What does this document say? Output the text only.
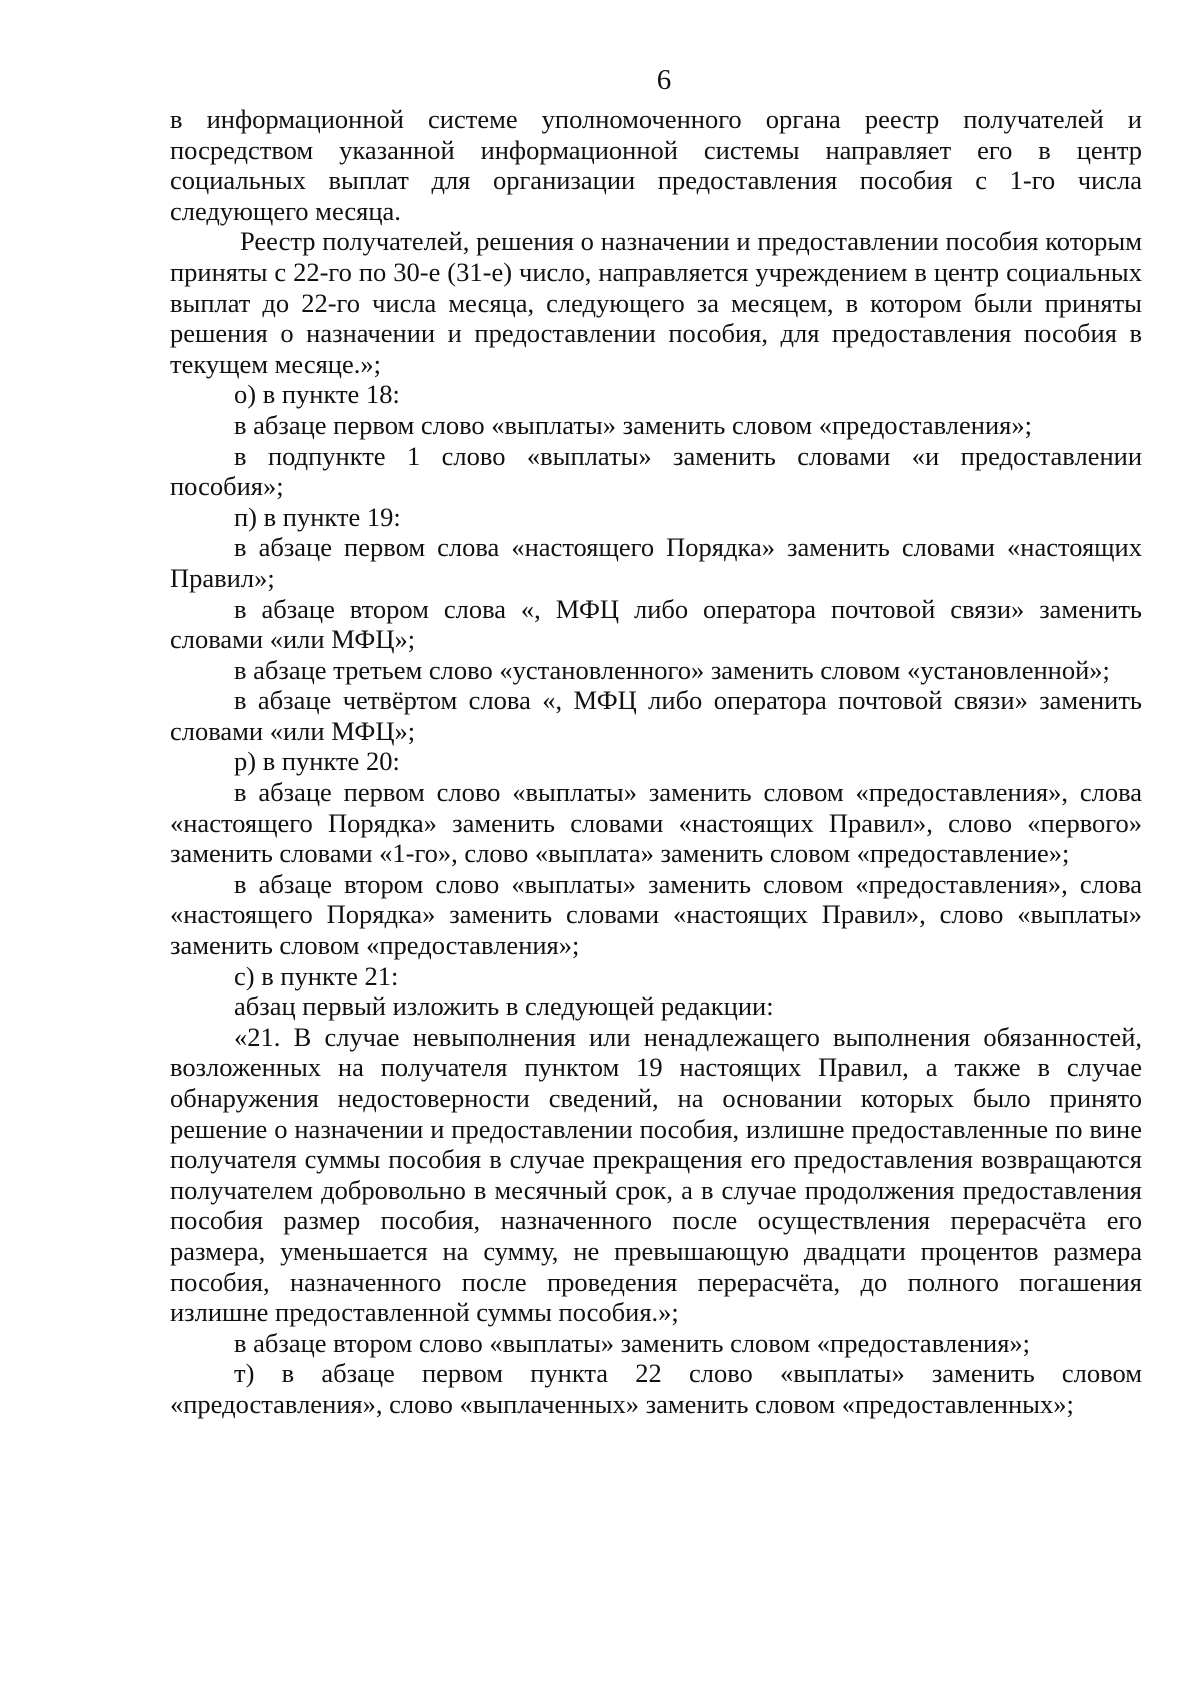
6

в информационной системе уполномоченного органа реестр получателей и посредством указанной информационной системы направляет его в центр социальных выплат для организации предоставления пособия с 1-го числа следующего месяца.

Реестр получателей, решения о назначении и предоставлении пособия которым приняты с 22-го по 30-е (31-е) число, направляется учреждением в центр социальных выплат до 22-го числа месяца, следующего за месяцем, в котором были приняты решения о назначении и предоставлении пособия, для предоставления пособия в текущем месяце.»;

о) в пункте 18:

в абзаце первом слово «выплаты» заменить словом «предоставления»;

в подпункте 1 слово «выплаты» заменить словами «и предоставлении пособия»;

п) в пункте 19:

в абзаце первом слова «настоящего Порядка» заменить словами «настоящих Правил»;

в абзаце втором слова «, МФЦ либо оператора почтовой связи» заменить словами «или МФЦ»;

в абзаце третьем слово «установленного» заменить словом «установленной»;

в абзаце четвёртом слова «, МФЦ либо оператора почтовой связи» заменить словами «или МФЦ»;

р) в пункте 20:

в абзаце первом слово «выплаты» заменить словом «предоставления», слова «настоящего Порядка» заменить словами «настоящих Правил», слово «первого» заменить словами «1-го», слово «выплата» заменить словом «предоставление»;

в абзаце втором слово «выплаты» заменить словом «предоставления», слова «настоящего Порядка» заменить словами «настоящих Правил», слово «выплаты» заменить словом «предоставления»;

с) в пункте 21:

абзац первый изложить в следующей редакции:

«21. В случае невыполнения или ненадлежащего выполнения обязанностей, возложенных на получателя пунктом 19 настоящих Правил, а также в случае обнаружения недостоверности сведений, на основании которых было принято решение о назначении и предоставлении пособия, излишне предоставленные по вине получателя суммы пособия в случае прекращения его предоставления возвращаются получателем добровольно в месячный срок, а в случае продолжения предоставления пособия размер пособия, назначенного после осуществления перерасчёта его размера, уменьшается на сумму, не превышающую двадцати процентов размера пособия, назначенного после проведения перерасчёта, до полного погашения излишне предоставленной суммы пособия.»;

в абзаце втором слово «выплаты» заменить словом «предоставления»;

т) в абзаце первом пункта 22 слово «выплаты» заменить словом «предоставления», слово «выплаченных» заменить словом «предоставленных»;
